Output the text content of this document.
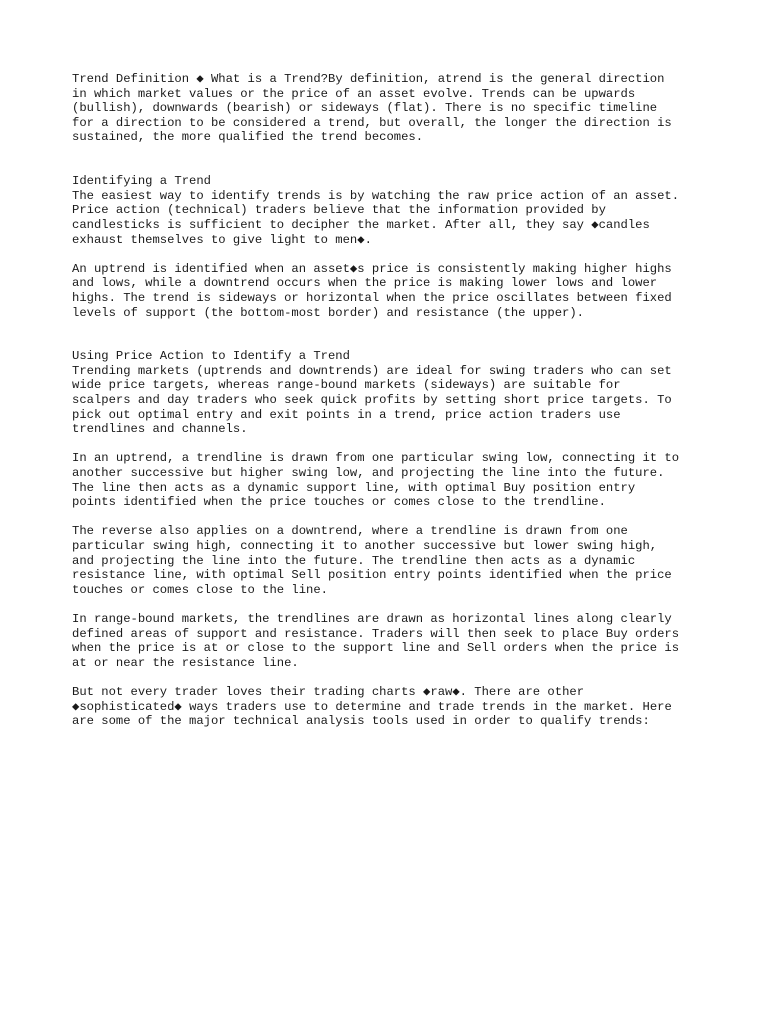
Trend Definition ◆ What is a Trend?By definition, atrend is the general direction
in which market values or the price of an asset evolve. Trends can be upwards
(bullish), downwards (bearish) or sideways (flat). There is no specific timeline
for a direction to be considered a trend, but overall, the longer the direction is
sustained, the more qualified the trend becomes.
Identifying a Trend
The easiest way to identify trends is by watching the raw price action of an asset.
Price action (technical) traders believe that the information provided by
candlesticks is sufficient to decipher the market. After all, they say ◆candles
exhaust themselves to give light to men◆.
An uptrend is identified when an asset◆s price is consistently making higher highs
and lows, while a downtrend occurs when the price is making lower lows and lower
highs. The trend is sideways or horizontal when the price oscillates between fixed
levels of support (the bottom-most border) and resistance (the upper).
Using Price Action to Identify a Trend
Trending markets (uptrends and downtrends) are ideal for swing traders who can set
wide price targets, whereas range-bound markets (sideways) are suitable for
scalpers and day traders who seek quick profits by setting short price targets. To
pick out optimal entry and exit points in a trend, price action traders use
trendlines and channels.
In an uptrend, a trendline is drawn from one particular swing low, connecting it to
another successive but higher swing low, and projecting the line into the future.
The line then acts as a dynamic support line, with optimal Buy position entry
points identified when the price touches or comes close to the trendline.
The reverse also applies on a downtrend, where a trendline is drawn from one
particular swing high, connecting it to another successive but lower swing high,
and projecting the line into the future. The trendline then acts as a dynamic
resistance line, with optimal Sell position entry points identified when the price
touches or comes close to the line.
In range-bound markets, the trendlines are drawn as horizontal lines along clearly
defined areas of support and resistance. Traders will then seek to place Buy orders
when the price is at or close to the support line and Sell orders when the price is
at or near the resistance line.
But not every trader loves their trading charts ◆raw◆. There are other
◆sophisticated◆ ways traders use to determine and trade trends in the market. Here
are some of the major technical analysis tools used in order to qualify trends:
